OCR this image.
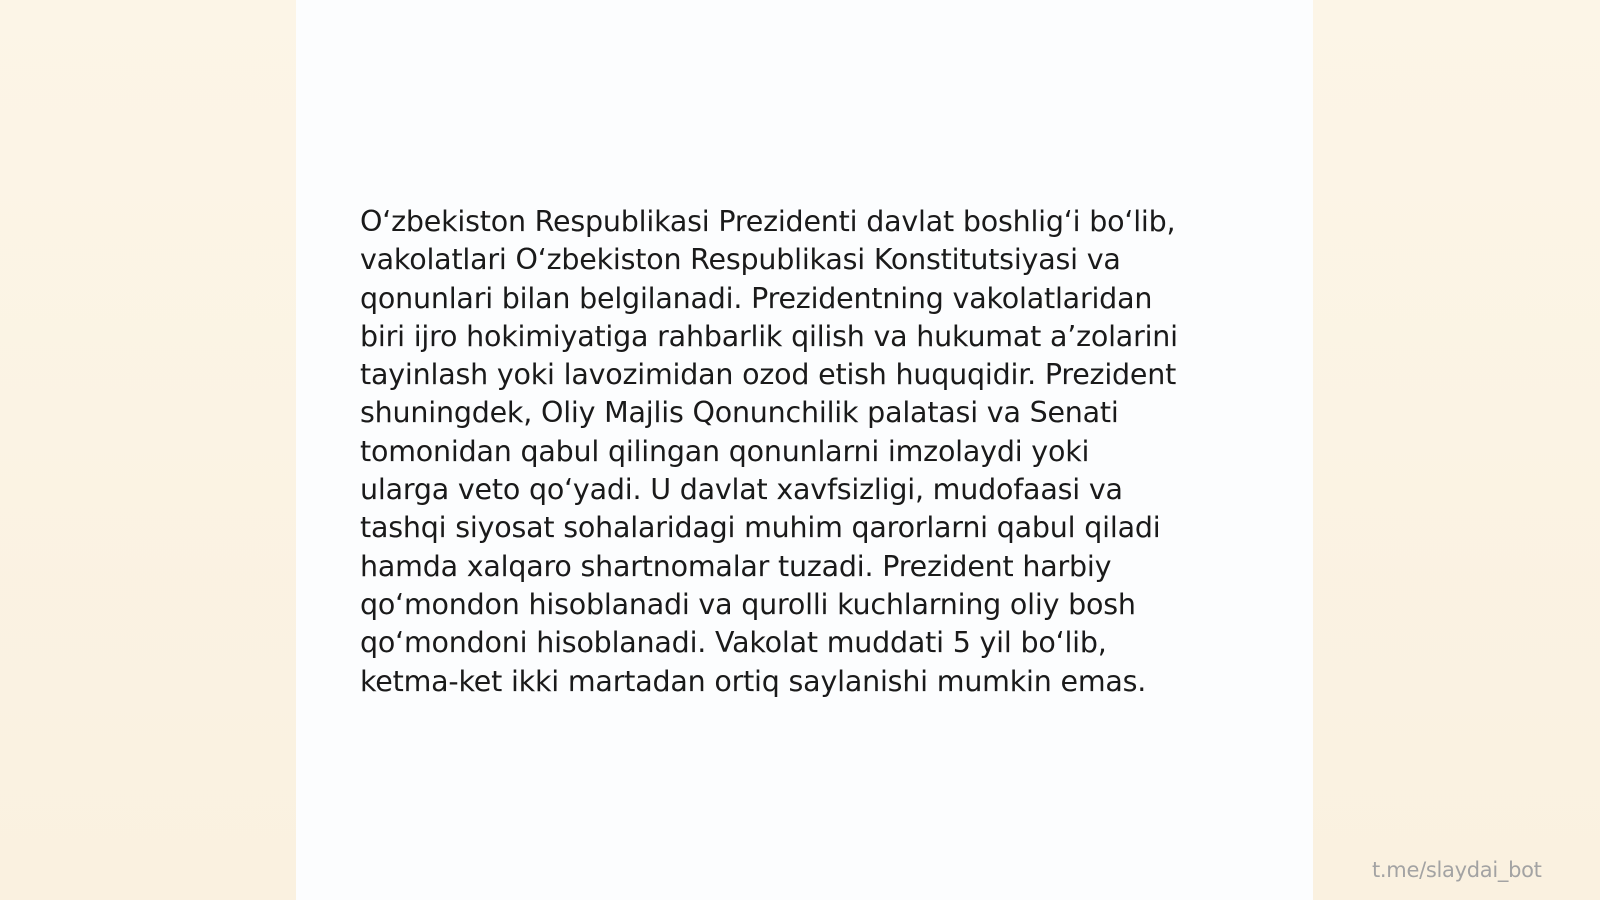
O‘zbekiston Respublikasi Prezidenti davlat boshlig‘i bo‘lib,
vakolatlari O‘zbekiston Respublikasi Konstitutsiyasi va
qonunlari bilan belgilanadi. Prezidentning vakolatlaridan
biri ijro hokimiyatiga rahbarlik qilish va hukumat a’zolarini
tayinlash yoki lavozimidan ozod etish huquqidir. Prezident
shuningdek, Oliy Majlis Qonunchilik palatasi va Senati
tomonidan qabul qilingan qonunlarni imzolaydi yoki
ularga veto qo‘yadi. U davlat xavfsizligi, mudofaasi va
tashqi siyosat sohalaridagi muhim qarorlarni qabul qiladi
hamda xalqaro shartnomalar tuzadi. Prezident harbiy
qo‘mondon hisoblanadi va qurolli kuchlarning oliy bosh
qo‘mondoni hisoblanadi. Vakolat muddati 5 yil bo‘lib,
ketma-ket ikki martadan ortiq saylanishi mumkin emas.

t.me/slaydai_bot
